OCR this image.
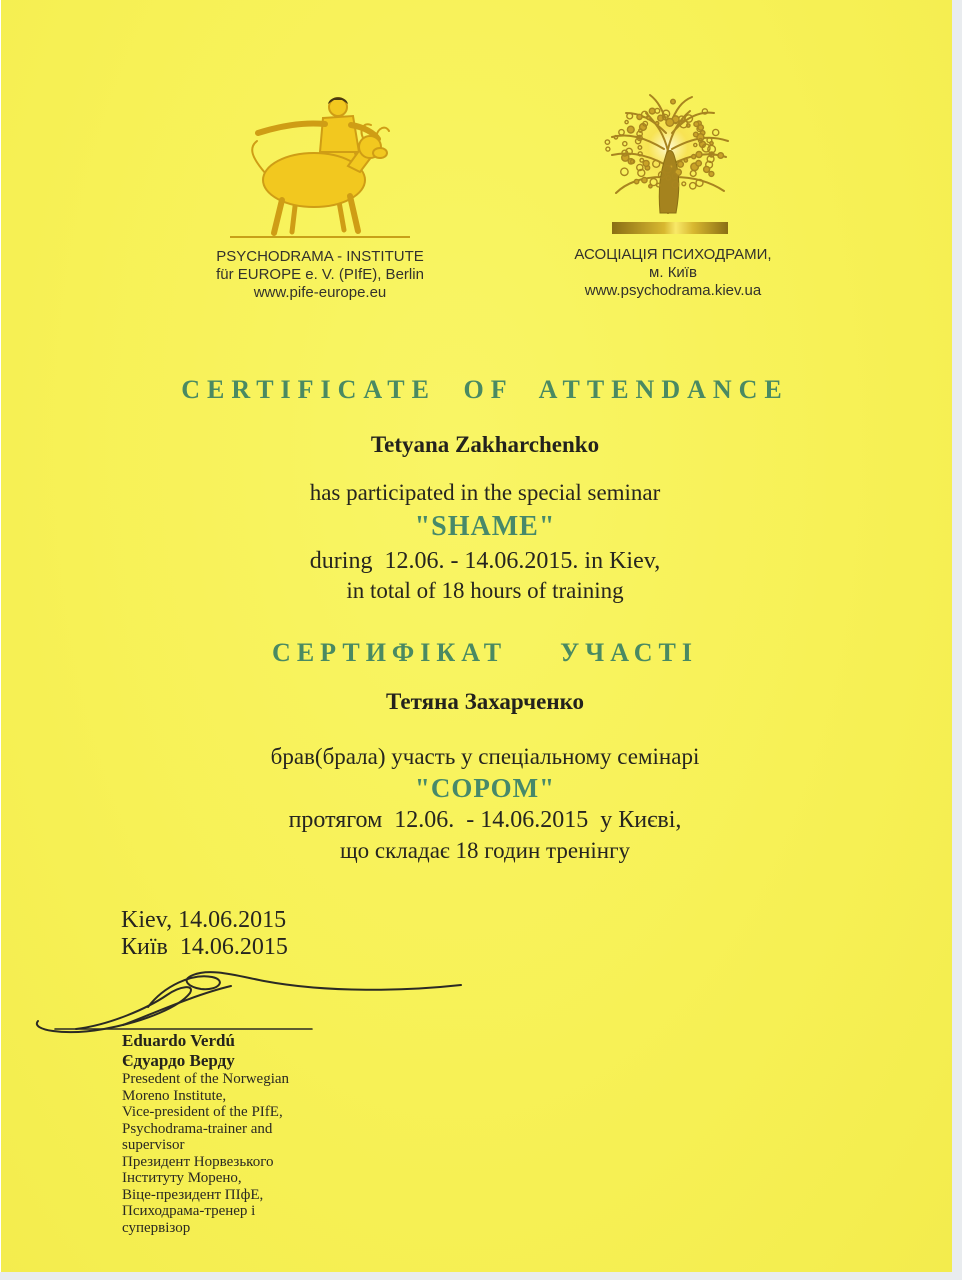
PSYCHODRAMA - INSTITUTE
für EUROPE e. V. (PIfE), Berlin
www.pife-europe.eu
АСОЦІАЦІЯ ПСИХОДРАМИ,
м. Київ
www.psychodrama.kiev.ua
CERTIFICATE OF ATTENDANCE
Tetyana Zakharchenko
has participated in the special seminar
"SHAME"
during  12.06. - 14.06.2015. in Kiev,
in total of 18 hours of training
СЕРТИФІКАТ  УЧАСТІ
Тетяна Захарченко
брав(брала) участь у спеціальному семінарі
"СОРОМ"
протягом  12.06.  - 14.06.2015  у Києві,
що складає 18 годин тренінгу
Kiev, 14.06.2015
Київ  14.06.2015
Eduardo Verdú
Єдуардо Верду
Presedent of the Norwegian
Moreno Institute,
Vice-president of the PIfE,
Psychodrama-trainer and
supervisor
Президент Норвезького
Інституту Морено,
Віце-президент ПІфЕ,
Психодрама-тренер і
супервізор
